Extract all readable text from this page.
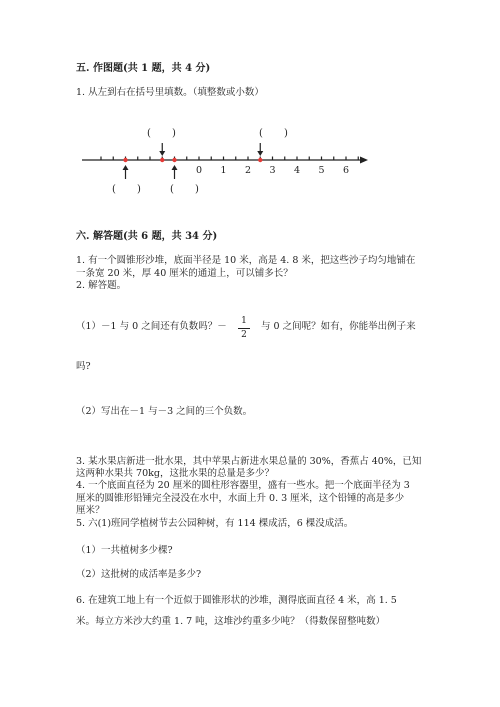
五. 作图题(共 1 题，共 4 分)
1. 从左到右在括号里填数。（填整数或小数）
0 1 2 3 4 5 6
( )	( )
( )	( )
六. 解答题(共 6 题，共 34 分)
1. 有一个圆锥形沙堆，底面半径是 10 米，高是 4. 8 米，把这些沙子均匀地铺在
一条宽 20 米，厚 40 厘米的通道上，可以铺多长？
2. 解答题。
（1）－1 与 0 之间还有负数吗？－	1
2
与 0 之间呢？如有，你能举出例子来
吗?
（2）写出在－1 与－3 之间的三个负数。
3. 某水果店新进一批水果，其中苹果占新进水果总量的 30%，香蕉占 40%，已知
这两种水果共 70kg，这批水果的总量是多少？
4. 一个底面直径为 20 厘米的圆柱形容器里，盛有一些水。把一个底面半径为 3
厘米的圆锥形铅锤完全浸没在水中，水面上升 0. 3 厘米，这个铅锤的高是多少
厘米？
5. 六(1)班同学植树节去公园种树，有 114 棵成活，6 棵没成活。
（1）一共植树多少棵?
（2）这批树的成活率是多少?
6. 在建筑工地上有一个近似于圆锥形状的沙堆，测得底面直径 4 米，高 1. 5
米。每立方米沙大约重 1. 7 吨，这堆沙约重多少吨？（得数保留整吨数）
